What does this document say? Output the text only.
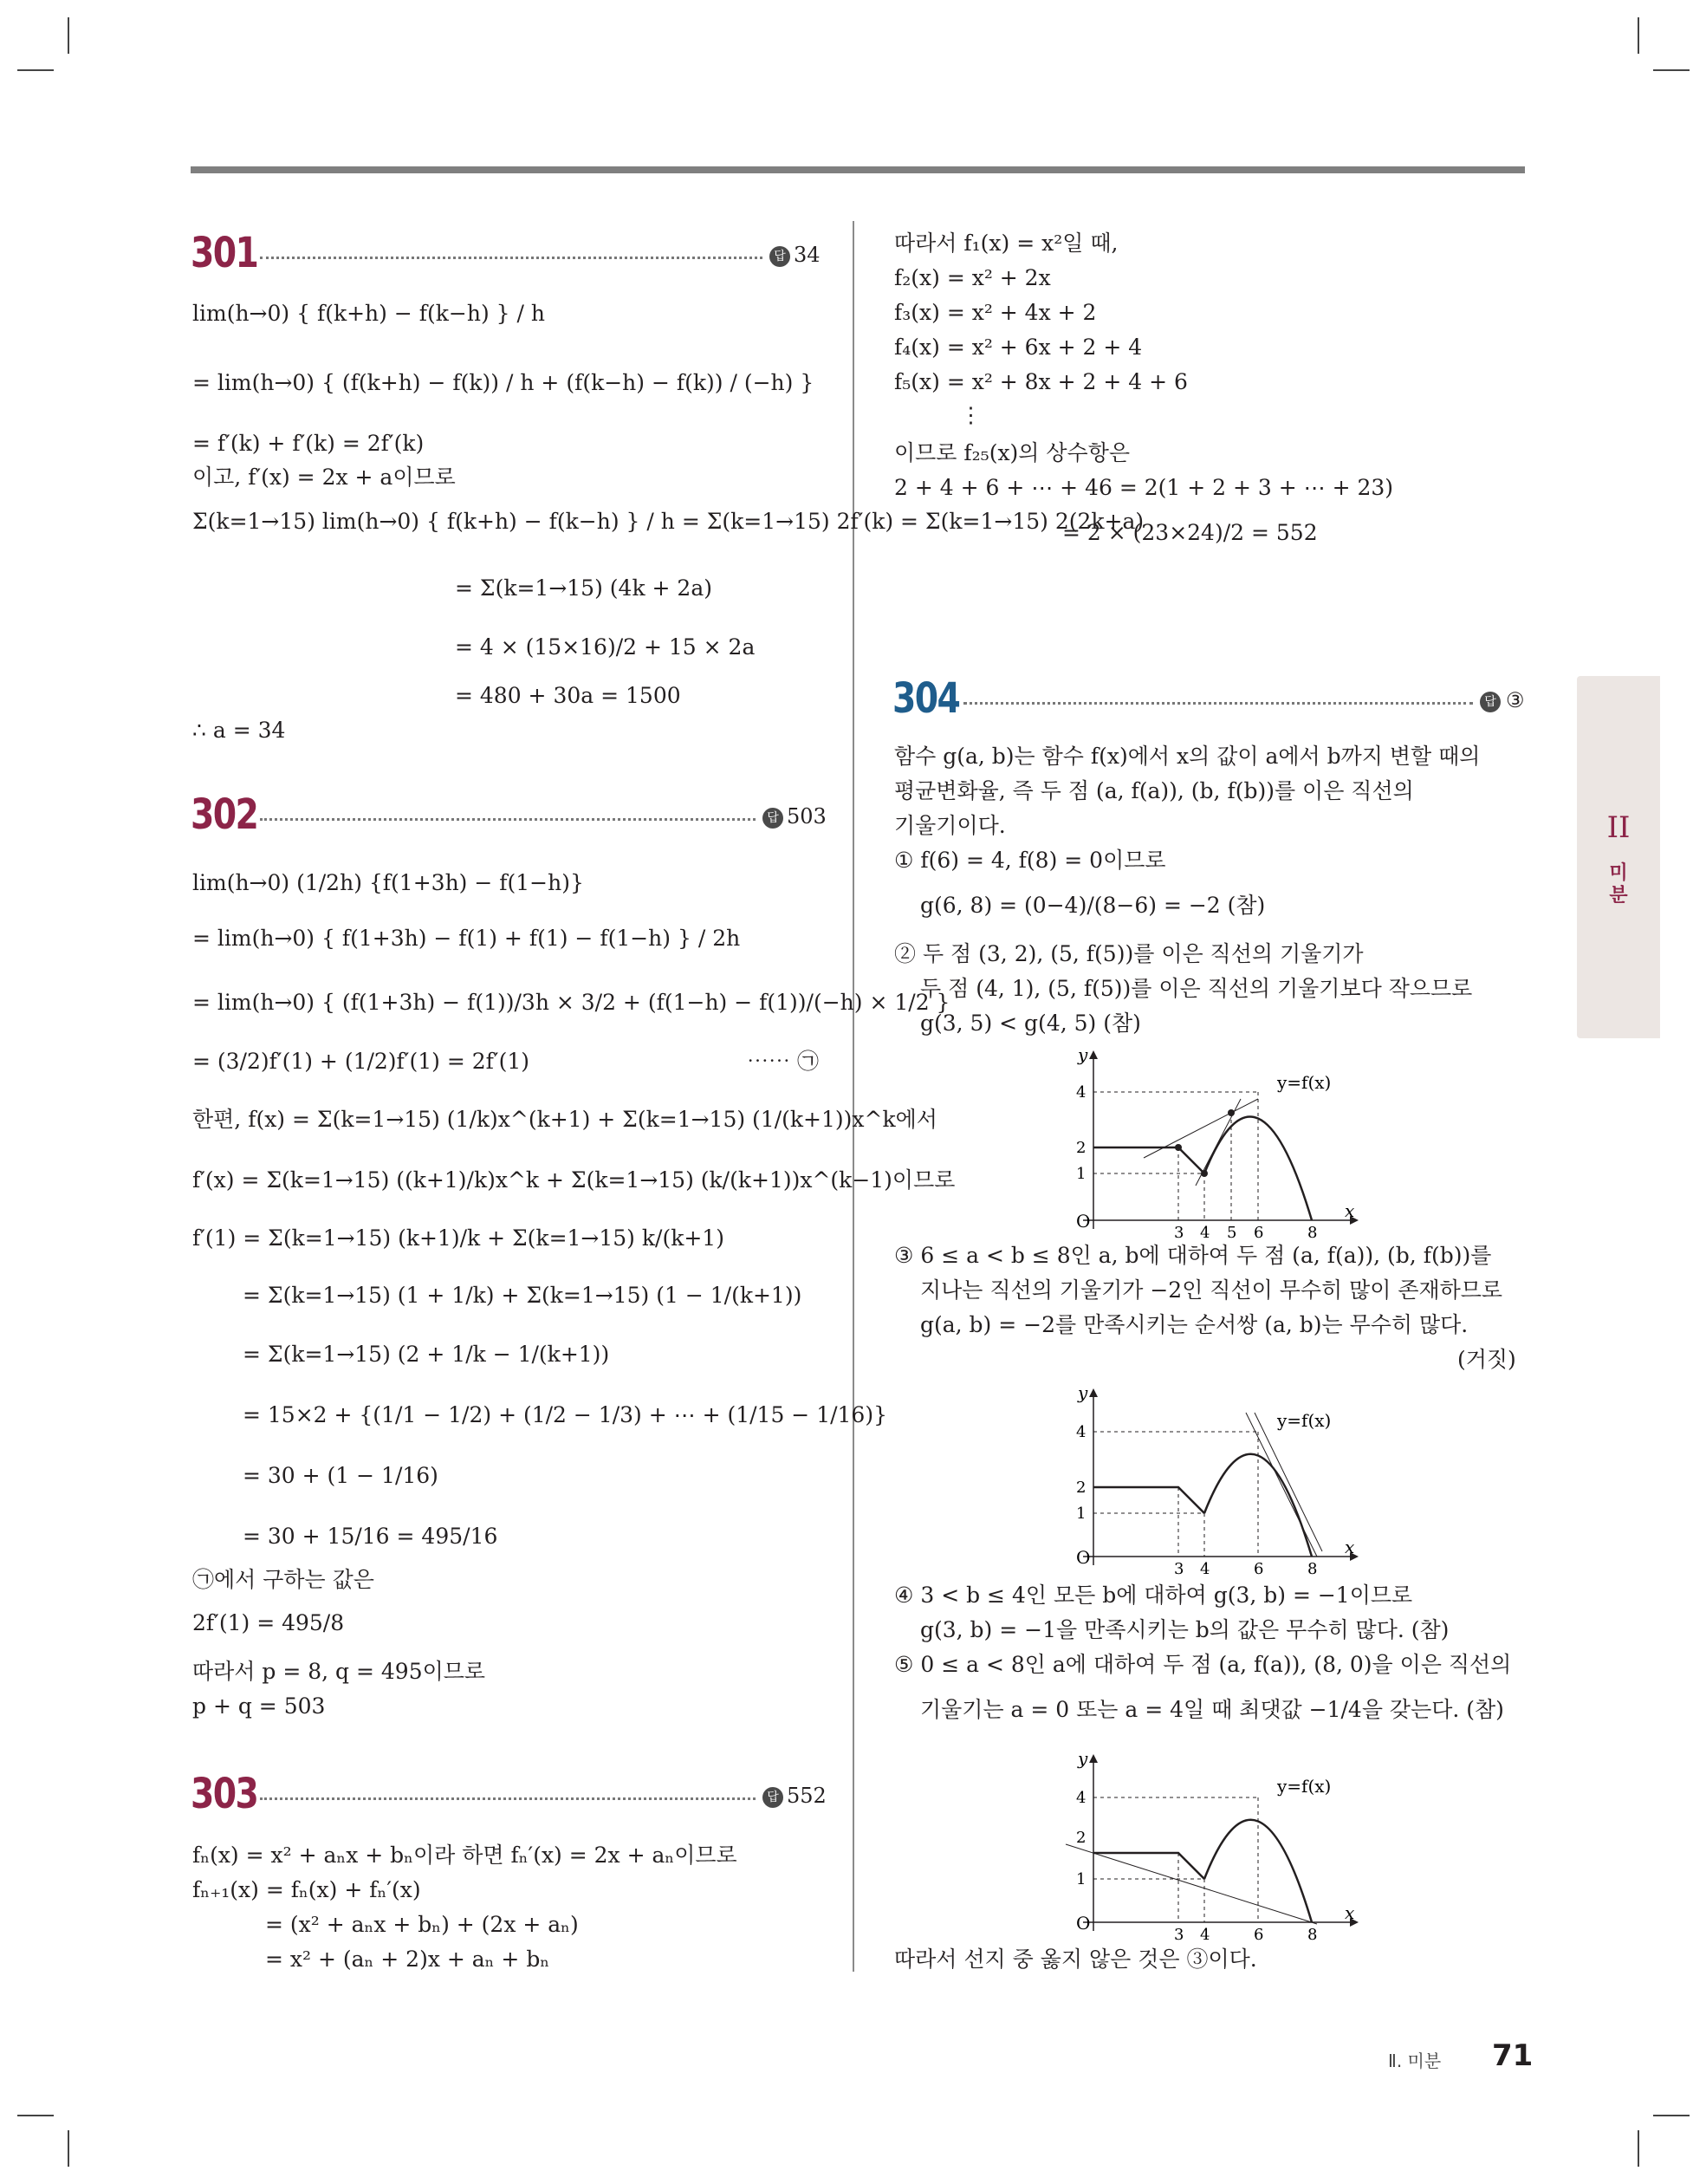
301	답 34
lim(h→0) { f(k+h) − f(k−h) } / h
= lim(h→0) { (f(k+h) − f(k)) / h + (f(k−h) − f(k)) / (−h) }
= f′(k) + f′(k) = 2f′(k)
이고, f′(x) = 2x + a이므로
Σ(k=1→15) lim(h→0) { f(k+h) − f(k−h) } / h = Σ(k=1→15) 2f′(k) = Σ(k=1→15) 2(2k+a)
= Σ(k=1→15) (4k + 2a)
= 4 × (15×16)/2 + 15 × 2a
= 480 + 30a = 1500
∴ a = 34
302	답 503
lim(h→0) (1/2h) {f(1+3h) − f(1−h)}
= lim(h→0) { f(1+3h) − f(1) + f(1) − f(1−h) } / 2h
= lim(h→0) { (f(1+3h) − f(1))/3h × 3/2 + (f(1−h) − f(1))/(−h) × 1/2 }
= (3/2)f′(1) + (1/2)f′(1) = 2f′(1)	⋯⋯ ㉠
한편, f(x) = Σ(k=1→15) (1/k)x^(k+1) + Σ(k=1→15) (1/(k+1))x^k에서
f′(x) = Σ(k=1→15) ((k+1)/k)x^k + Σ(k=1→15) (k/(k+1))x^(k−1)이므로
f′(1) = Σ(k=1→15) (k+1)/k + Σ(k=1→15) k/(k+1)
= Σ(k=1→15) (1 + 1/k) + Σ(k=1→15) (1 − 1/(k+1))
= Σ(k=1→15) (2 + 1/k − 1/(k+1))
= 15×2 + {(1/1 − 1/2) + (1/2 − 1/3) + ⋯ + (1/15 − 1/16)}
= 30 + (1 − 1/16)
= 30 + 15/16 = 495/16
㉠에서 구하는 값은
2f′(1) = 495/8
따라서 p = 8, q = 495이므로
p + q = 503
303	답 552
fₙ(x) = x² + aₙx + bₙ이라 하면 fₙ′(x) = 2x + aₙ이므로
fₙ₊₁(x) = fₙ(x) + fₙ′(x)
= (x² + aₙx + bₙ) + (2x + aₙ)
= x² + (aₙ + 2)x + aₙ + bₙ
따라서 f₁(x) = x²일 때,
f₂(x) = x² + 2x
f₃(x) = x² + 4x + 2
f₄(x) = x² + 6x + 2 + 4
f₅(x) = x² + 8x + 2 + 4 + 6
⋮
이므로 f₂₅(x)의 상수항은
2 + 4 + 6 + ⋯ + 46 = 2(1 + 2 + 3 + ⋯ + 23)
= 2 × (23×24)/2 = 552
304	답 ③
함수 g(a, b)는 함수 f(x)에서 x의 값이 a에서 b까지 변할 때의
평균변화율, 즉 두 점 (a, f(a)), (b, f(b))를 이은 직선의
기울기이다.
① f(6) = 4, f(8) = 0이므로
g(6, 8) = (0−4)/(8−6) = −2 (참)
② 두 점 (3, 2), (5, f(5))를 이은 직선의 기울기가
두 점 (4, 1), (5, f(5))를 이은 직선의 기울기보다 작으므로
g(3, 5) < g(4, 5) (참)
y
x
O
y=f(x)
4
2
1
3 4 5 6	8
③ 6 ≤ a < b ≤ 8인 a, b에 대하여 두 점 (a, f(a)), (b, f(b))를
지나는 직선의 기울기가 −2인 직선이 무수히 많이 존재하므로
g(a, b) = −2를 만족시키는 순서쌍 (a, b)는 무수히 많다.
(거짓)
y
x
O
y=f(x)
4
2
1
3 4	6	8
④ 3 < b ≤ 4인 모든 b에 대하여 g(3, b) = −1이므로
g(3, b) = −1을 만족시키는 b의 값은 무수히 많다. (참)
⑤ 0 ≤ a < 8인 a에 대하여 두 점 (a, f(a)), (8, 0)을 이은 직선의
기울기는 a = 0 또는 a = 4일 때 최댓값 −1/4을 갖는다. (참)
y
x
O
y=f(x)
4
2
1
3 4	6	8
따라서 선지 중 옳지 않은 것은 ③이다.
II
미
분
Ⅱ. 미분 71
